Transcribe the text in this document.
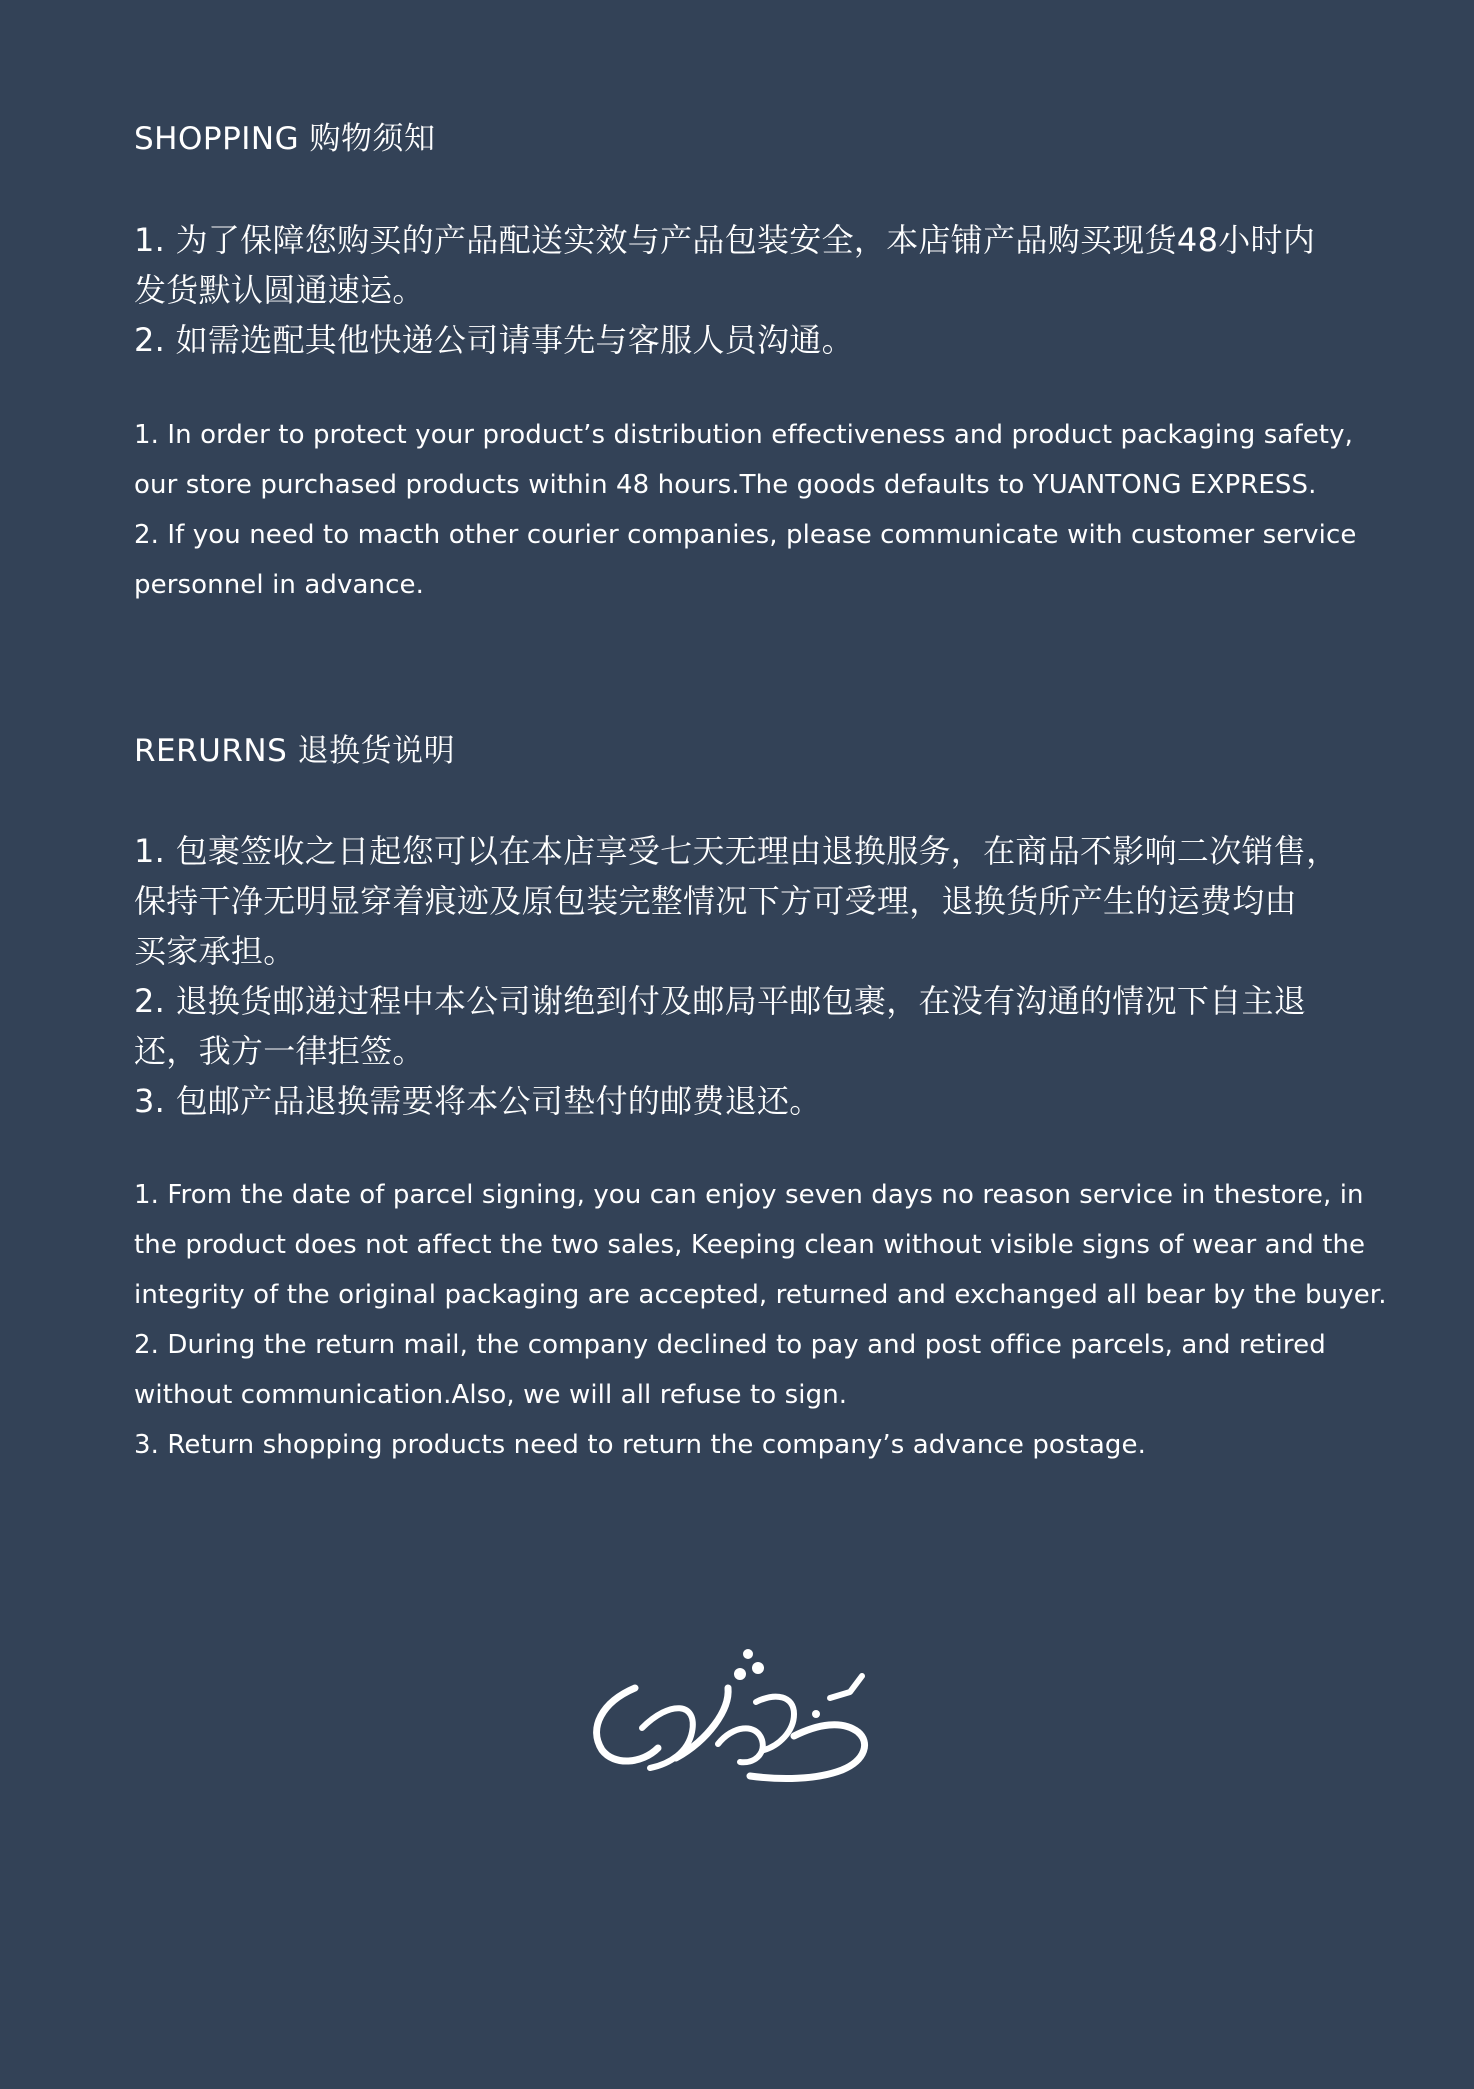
SHOPPING 购物须知
1. 为了保障您购买的产品配送实效与产品包装安全，本店铺产品购买现货48小时内
发货默认圆通速运。
2. 如需选配其他快递公司请事先与客服人员沟通。
1. In order to protect your product’s distribution effectiveness and product packaging safety,
our store purchased products within 48 hours.The goods defaults to YUANTONG EXPRESS.
2. If you need to macth other courier companies, please communicate with customer service
personnel in advance.
RERURNS 退换货说明
1. 包裹签收之日起您可以在本店享受七天无理由退换服务，在商品不影响二次销售，
保持干净无明显穿着痕迹及原包装完整情况下方可受理，退换货所产生的运费均由
买家承担。
2. 退换货邮递过程中本公司谢绝到付及邮局平邮包裹，在没有沟通的情况下自主退
还，我方一律拒签。
3. 包邮产品退换需要将本公司垫付的邮费退还。
1. From the date of parcel signing, you can enjoy seven days no reason service in thestore, in
the product does not affect the two sales, Keeping clean without visible signs of wear and the
integrity of the original packaging are accepted, returned and exchanged all bear by the buyer.
2. During the return mail, the company declined to pay and post office parcels, and retired
without communication.Also, we will all refuse to sign.
3. Return shopping products need to return the company’s advance postage.
